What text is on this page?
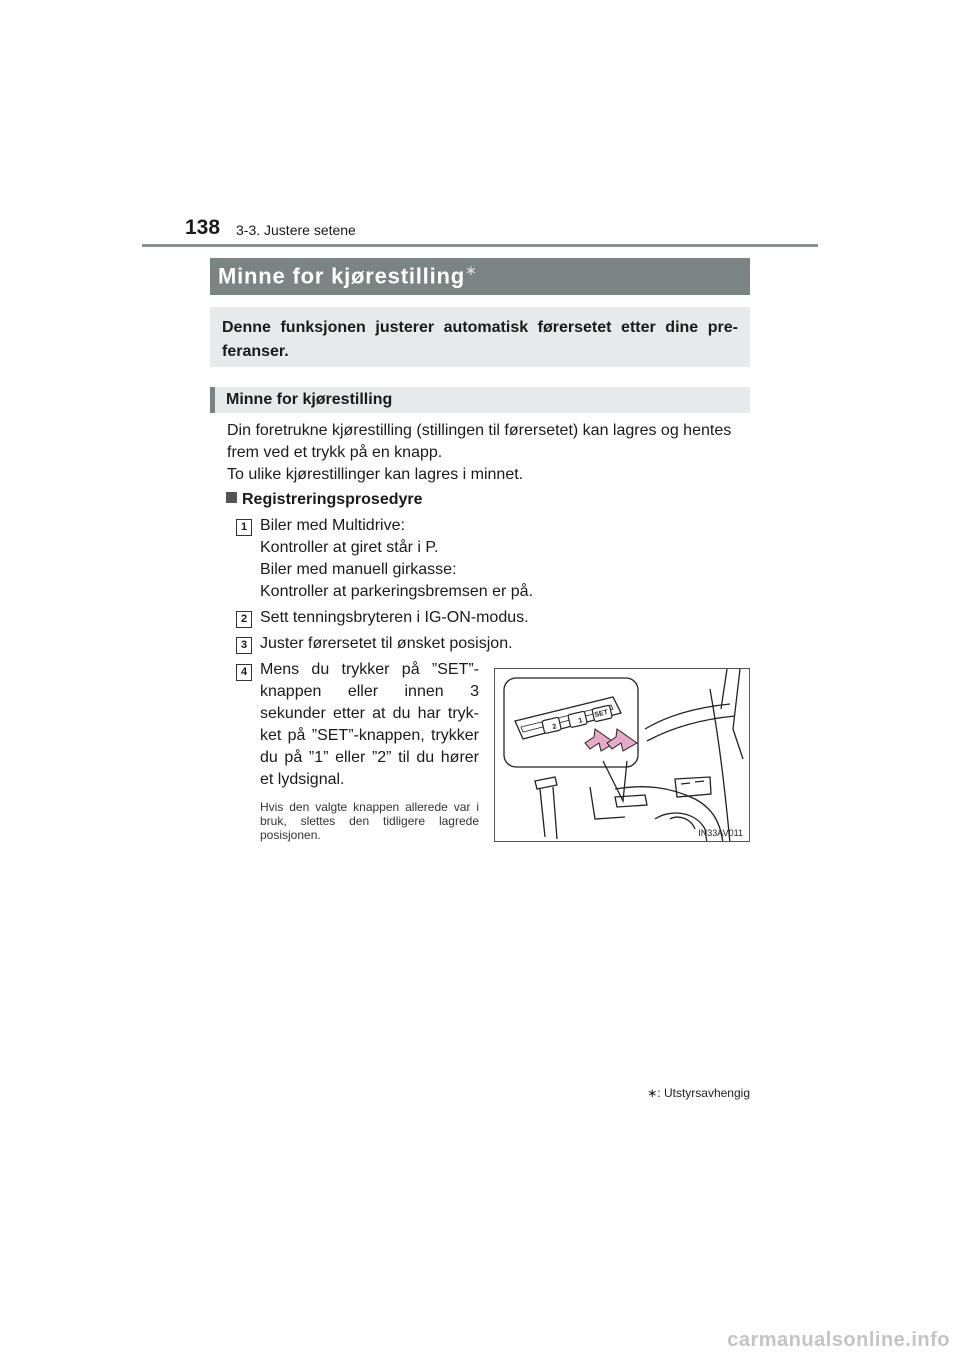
138 3-3. Justere setene
Minne for kjørestilling∗

Denne funksjonen justerer automatisk førersetet etter dine pre-feranser.

Minne for kjørestilling

Din foretrukne kjørestilling (stillingen til førersetet) kan lagres og hentes frem ved et trykk på en knapp.

To ulike kjørestillinger kan lagres i minnet.

Registreringsprosedyre
1 Biler med Multidrive:

Kontroller at giret står i P.

Biler med manuell girkasse:

Kontroller at parkeringsbremsen er på.

2 Sett tenningsbryteren i IG-ON-modus.

3 Juster førersetet til ønsket posisjon.

4 Mens du trykker på ”SET”-knappen eller innen 3 sekunder etter at du har tryk-ket på ”SET”-knappen, trykker du på ”1” eller ”2” til du hører et lydsignal.
Hvis den valgte knappen allerede var i bruk, slettes den tidligere lagrede posisjonen.
2
1
SET
IN33AV011
∗: Utstyrsavhengig
carmanualsonline.info
